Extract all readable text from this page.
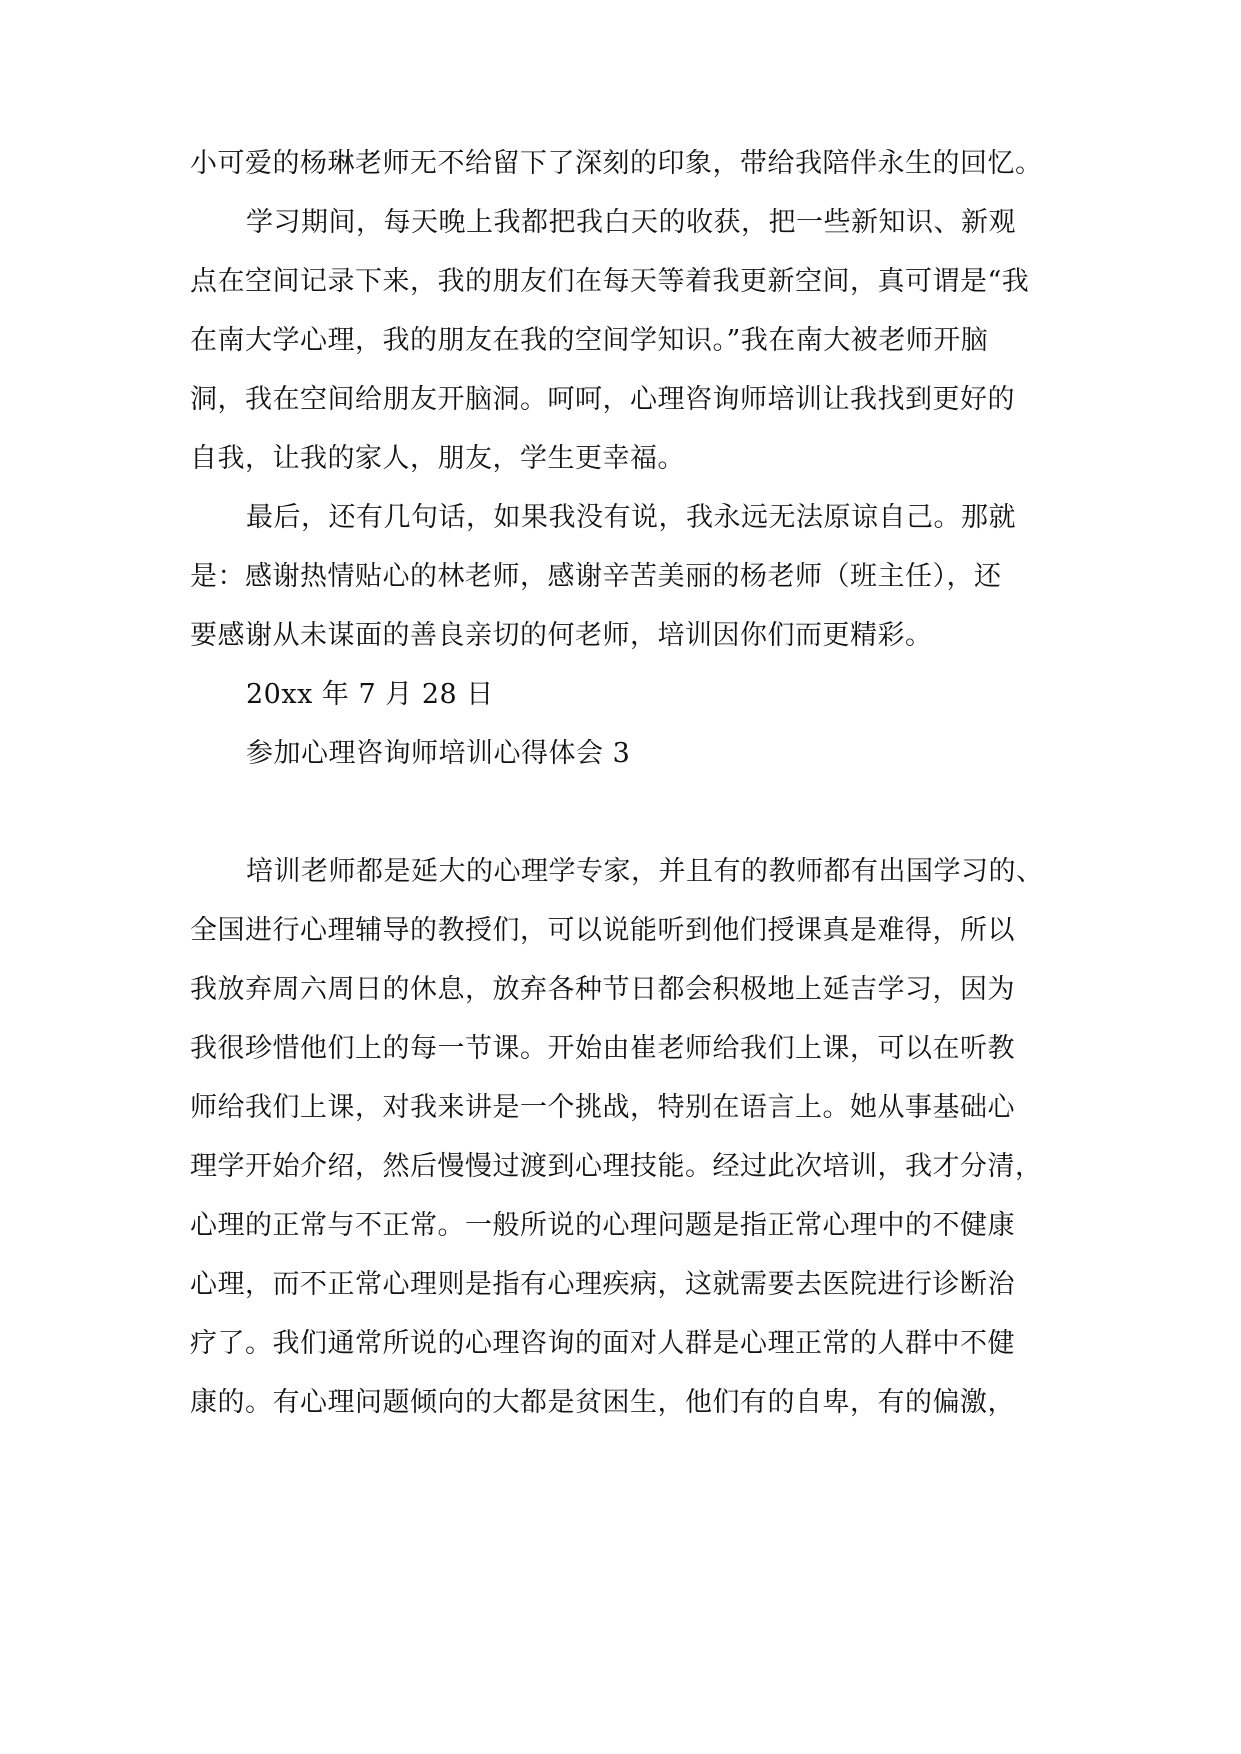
小可爱的杨琳老师无不给留下了深刻的印象，带给我陪伴永生的回忆。
学习期间，每天晚上我都把我白天的收获，把一些新知识、新观
点在空间记录下来，我的朋友们在每天等着我更新空间，真可谓是“我
在南大学心理，我的朋友在我的空间学知识。”我在南大被老师开脑
洞，我在空间给朋友开脑洞。呵呵，心理咨询师培训让我找到更好的
自我，让我的家人，朋友，学生更幸福。
最后，还有几句话，如果我没有说，我永远无法原谅自己。那就
是：感谢热情贴心的林老师，感谢辛苦美丽的杨老师（班主任），还
要感谢从未谋面的善良亲切的何老师，培训因你们而更精彩。
20xx 年 7 月 28 日
参加心理咨询师培训心得体会 3
培训老师都是延大的心理学专家，并且有的教师都有出国学习的、
全国进行心理辅导的教授们，可以说能听到他们授课真是难得，所以
我放弃周六周日的休息，放弃各种节日都会积极地上延吉学习，因为
我很珍惜他们上的每一节课。开始由崔老师给我们上课，可以在听教
师给我们上课，对我来讲是一个挑战，特别在语言上。她从事基础心
理学开始介绍，然后慢慢过渡到心理技能。经过此次培训，我才分清，
心理的正常与不正常。一般所说的心理问题是指正常心理中的不健康
心理，而不正常心理则是指有心理疾病，这就需要去医院进行诊断治
疗了。我们通常所说的心理咨询的面对人群是心理正常的人群中不健
康的。有心理问题倾向的大都是贫困生，他们有的自卑，有的偏激，
